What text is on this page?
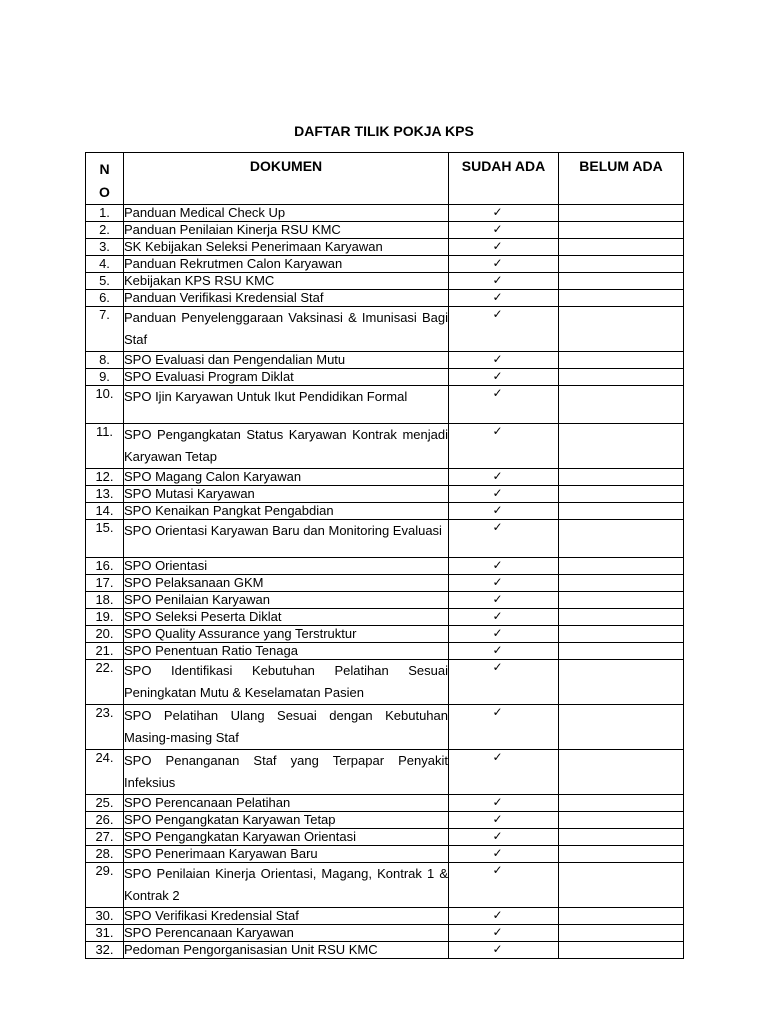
DAFTAR TILIK POKJA KPS
N
O	DOKUMEN	SUDAH ADA	BELUM ADA
1.	Panduan Medical Check Up	✓	
2.	Panduan Penilaian Kinerja RSU KMC	✓	
3.	SK Kebijakan Seleksi Penerimaan Karyawan	✓	
4.	Panduan Rekrutmen Calon Karyawan	✓	
5.	Kebijakan KPS RSU KMC	✓	
6.	Panduan Verifikasi Kredensial Staf	✓	
7.	Panduan Penyelenggaraan Vaksinasi & Imunisasi Bagi Staf	✓	
8.	SPO Evaluasi dan Pengendalian Mutu	✓	
9.	SPO Evaluasi Program Diklat	✓	
10.	SPO Ijin Karyawan Untuk Ikut Pendidikan Formal	✓	
11.	SPO Pengangkatan Status Karyawan Kontrak menjadi Karyawan Tetap	✓	
12.	SPO Magang Calon Karyawan	✓	
13.	SPO Mutasi Karyawan	✓	
14.	SPO Kenaikan Pangkat Pengabdian	✓	
15.	SPO Orientasi Karyawan Baru dan Monitoring Evaluasi	✓	
16.	SPO Orientasi	✓	
17.	SPO Pelaksanaan GKM	✓	
18.	SPO Penilaian Karyawan	✓	
19.	SPO Seleksi Peserta Diklat	✓	
20.	SPO Quality Assurance yang Terstruktur	✓	
21.	SPO Penentuan Ratio Tenaga	✓	
22.	SPO Identifikasi Kebutuhan Pelatihan Sesuai Peningkatan Mutu & Keselamatan Pasien	✓	
23.	SPO Pelatihan Ulang Sesuai dengan Kebutuhan Masing-masing Staf	✓	
24.	SPO Penanganan Staf yang Terpapar Penyakit Infeksius	✓	
25.	SPO Perencanaan Pelatihan	✓	
26.	SPO Pengangkatan Karyawan Tetap	✓	
27.	SPO Pengangkatan Karyawan Orientasi	✓	
28.	SPO Penerimaan Karyawan Baru	✓	
29.	SPO Penilaian Kinerja Orientasi, Magang, Kontrak 1 & Kontrak 2	✓	
30.	SPO Verifikasi Kredensial Staf	✓	
31.	SPO Perencanaan Karyawan	✓	
32.	Pedoman Pengorganisasian Unit RSU KMC	✓	
